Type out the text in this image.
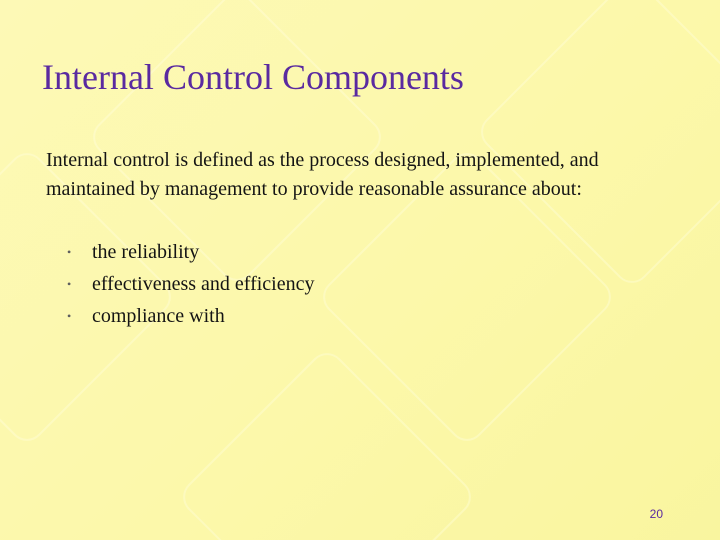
Internal Control Components

Internal control is defined as the process designed, implemented, and maintained by management to provide reasonable assurance about:

• the reliability
• effectiveness and efficiency
• compliance with
20
